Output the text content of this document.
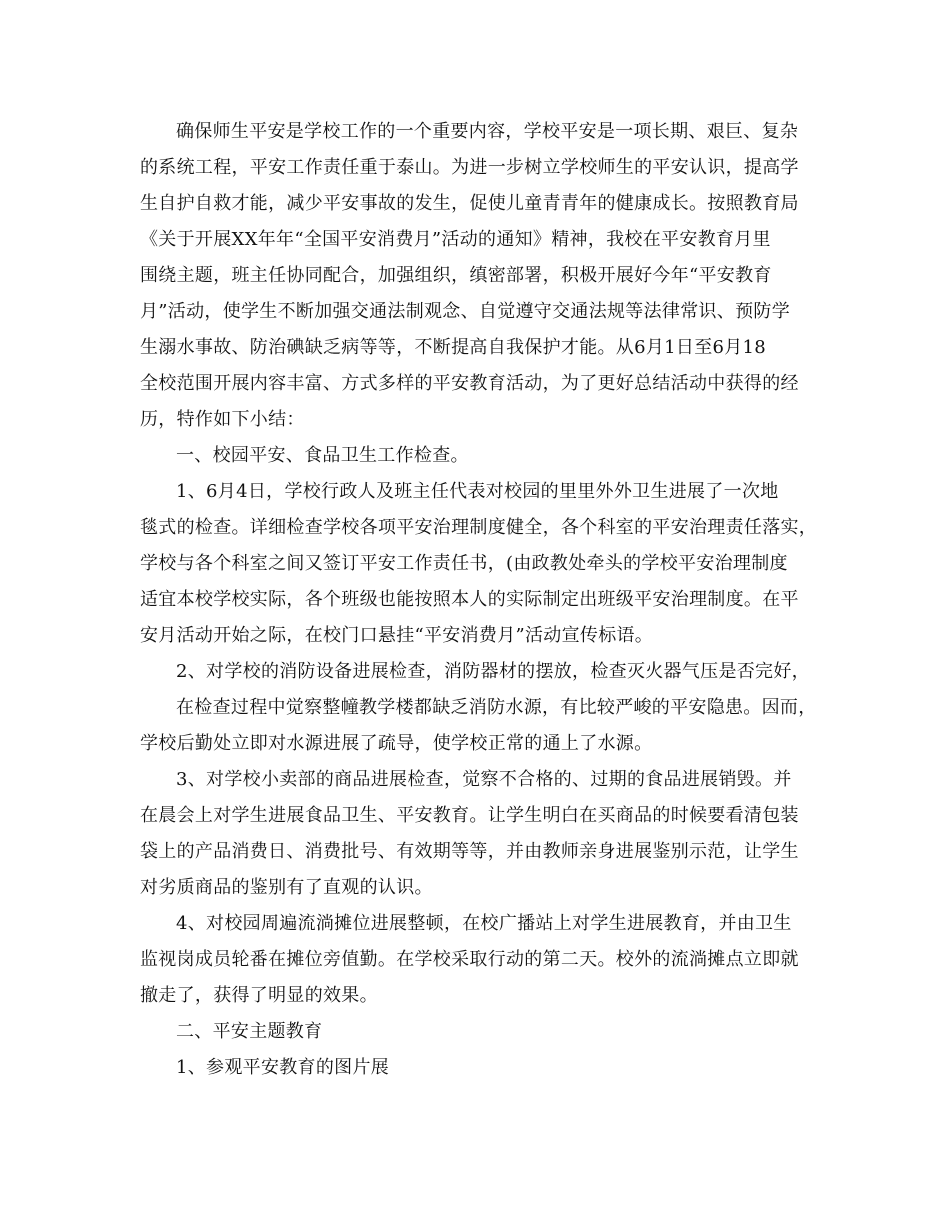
确保师生平安是学校工作的一个重要内容，学校平安是一项长期、艰巨、复杂
的系统工程，平安工作责任重于泰山。为进一步树立学校师生的平安认识，提高学
生自护自救才能，减少平安事故的发生，促使儿童青青年的健康成长。按照教育局
《关于开展XX年年“全国平安消费月”活动的通知》精神，我校在平安教育月里
围绕主题，班主任协同配合，加强组织，缜密部署，积极开展好今年“平安教育
月”活动，使学生不断加强交通法制观念、自觉遵守交通法规等法律常识、预防学
生溺水事故、防治碘缺乏病等等，不断提高自我保护才能。从6月1日至6月18
全校范围开展内容丰富、方式多样的平安教育活动，为了更好总结活动中获得的经
历，特作如下小结：
一、校园平安、食品卫生工作检查。
1、6月4日，学校行政人及班主任代表对校园的里里外外卫生进展了一次地
毯式的检查。详细检查学校各项平安治理制度健全，各个科室的平安治理责任落实，
学校与各个科室之间又签订平安工作责任书，(由政教处牵头的学校平安治理制度
适宜本校学校实际，各个班级也能按照本人的实际制定出班级平安治理制度。在平
安月活动开始之际，在校门口悬挂“平安消费月”活动宣传标语。
2、对学校的消防设备进展检查，消防器材的摆放，检查灭火器气压是否完好，
在检查过程中觉察整幢教学楼都缺乏消防水源，有比较严峻的平安隐患。因而，
学校后勤处立即对水源进展了疏导，使学校正常的通上了水源。
3、对学校小卖部的商品进展检查，觉察不合格的、过期的食品进展销毁。并
在晨会上对学生进展食品卫生、平安教育。让学生明白在买商品的时候要看清包装
袋上的产品消费日、消费批号、有效期等等，并由教师亲身进展鉴别示范，让学生
对劣质商品的鉴别有了直观的认识。
4、对校园周遍流淌摊位进展整顿，在校广播站上对学生进展教育，并由卫生
监视岗成员轮番在摊位旁值勤。在学校采取行动的第二天。校外的流淌摊点立即就
撤走了，获得了明显的效果。
二、平安主题教育
1、参观平安教育的图片展
